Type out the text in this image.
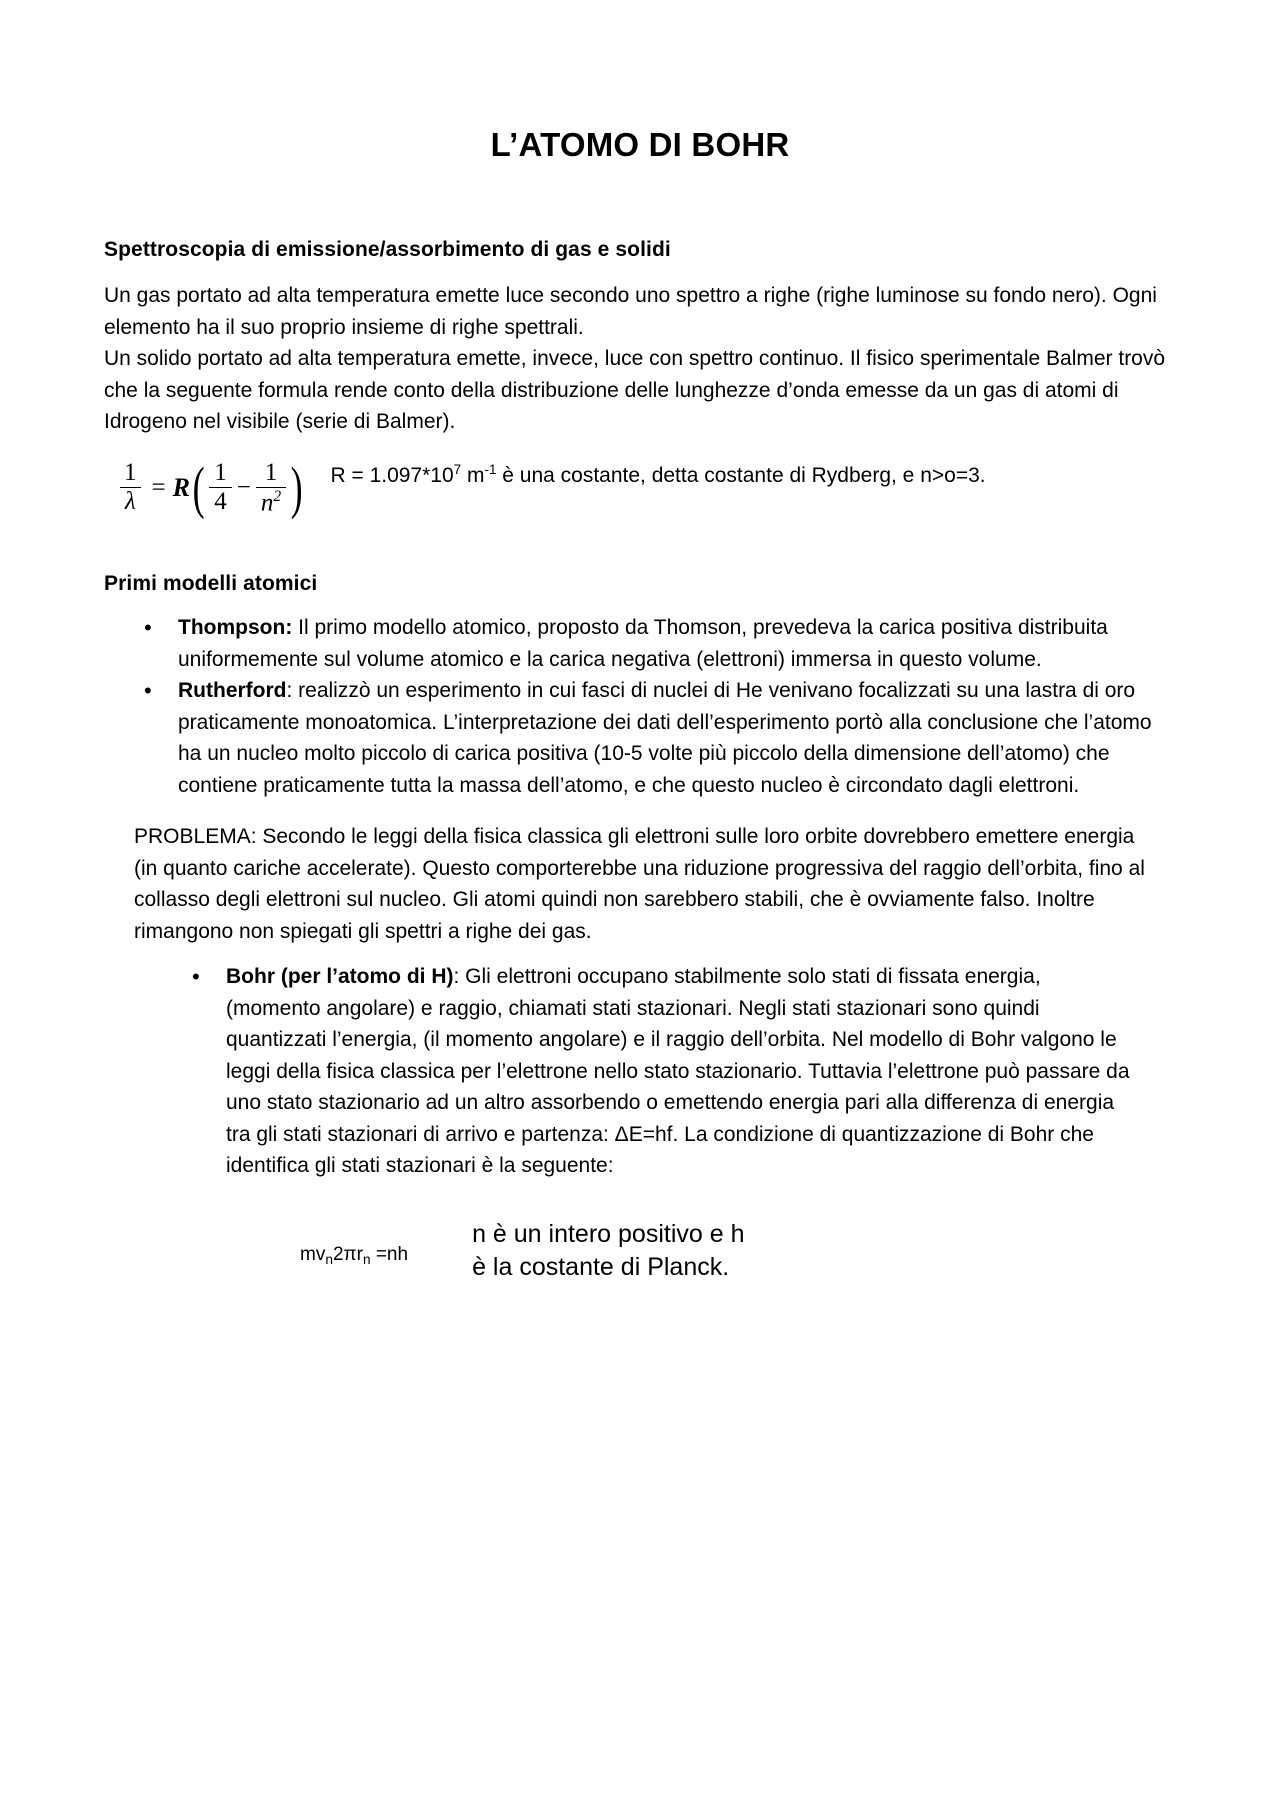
L’ATOMO DI BOHR
Spettroscopia di emissione/assorbimento di gas e solidi

Un gas portato ad alta temperatura emette luce secondo uno spettro a righe (righe luminose su fondo nero). Ogni elemento ha il suo proprio insieme di righe spettrali.
Un solido portato ad alta temperatura emette, invece, luce con spettro continuo. Il fisico sperimentale Balmer trovò che la seguente formula rende conto della distribuzione delle lunghezze d’onda emesse da un gas di atomi di Idrogeno nel visibile (serie di Balmer).

$\frac{1}{\lambda} = R$ ( $\frac{1}{4} - \frac{1}{n^2}$ )	$R = 1.097*10^7$ $m^{-1}$ è una costante, detta costante di Rydberg, e n>o=3.
Primi modelli atomici
• Thompson: Il primo modello atomico, proposto da Thomson, prevedeva la carica positiva distribuita uniformemente sul volume atomico e la carica negativa (elettroni) immersa in questo volume.
• Rutherford: realizzò un esperimento in cui fasci di nuclei di He venivano focalizzati su una lastra di oro praticamente monoatomica. L’interpretazione dei dati dell’esperimento portò alla conclusione che l’atomo ha un nucleo molto piccolo di carica positiva (10-5 volte più piccolo della dimensione dell’atomo) che contiene praticamente tutta la massa dell’atomo, e che questo nucleo è circondato dagli elettroni.

PROBLEMA: Secondo le leggi della fisica classica gli elettroni sulle loro orbite dovrebbero emettere energia (in quanto cariche accelerate). Questo comporterebbe una riduzione progressiva del raggio dell’orbita, fino al collasso degli elettroni sul nucleo. Gli atomi quindi non sarebbero stabili, che è ovviamente falso. Inoltre rimangono non spiegati gli spettri a righe dei gas.

• Bohr (per l’atomo di H): Gli elettroni occupano stabilmente solo stati di fissata energia, (momento angolare) e raggio, chiamati stati stazionari. Negli stati stazionari sono quindi quantizzati l’energia, (il momento angolare) e il raggio dell’orbita. Nel modello di Bohr valgono le leggi della fisica classica per l’elettrone nello stato stazionario. Tuttavia l’elettrone può passare da uno stato stazionario ad un altro assorbendo o emettendo energia pari alla differenza di energia tra gli stati stazionari di arrivo e partenza: ΔE=hf. La condizione di quantizzazione di Bohr che identifica gli stati stazionari è la seguente:
$mv_n2\pi r_n =nh$
n è un intero positivo e h
è la costante di Planck.
